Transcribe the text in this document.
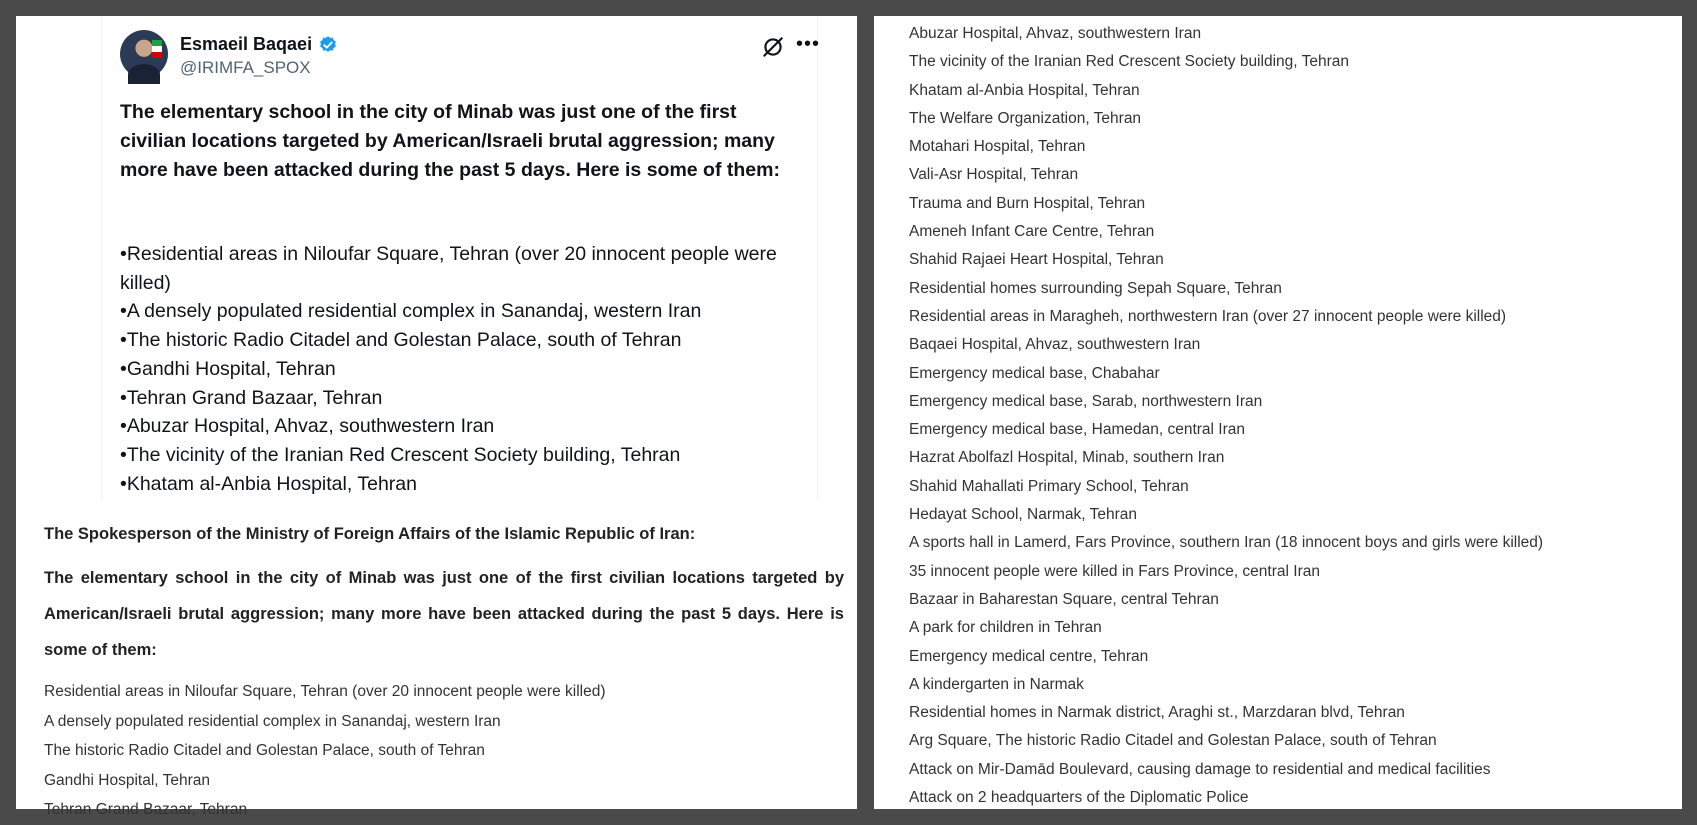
Esmaeil Baqaei
@IRIMFA_SPOX
•••
The elementary school in the city of Minab was just one of the first civilian locations targeted by American/Israeli brutal aggression; many more have been attacked during the past 5 days. Here is some of them:
• Residential areas in Niloufar Square, Tehran (over 20 innocent people were killed)
• A densely populated residential complex in Sanandaj, western Iran
• The historic Radio Citadel and Golestan Palace, south of Tehran
• Gandhi Hospital, Tehran
• Tehran Grand Bazaar, Tehran
• Abuzar Hospital, Ahvaz, southwestern Iran
• The vicinity of the Iranian Red Crescent Society building, Tehran
• Khatam al-Anbia Hospital, Tehran
The Spokesperson of the Ministry of Foreign Affairs of the Islamic Republic of Iran:
The elementary school in the city of Minab was just one of the first civilian locations targeted by American/Israeli brutal aggression; many more have been attacked during the past 5 days. Here is some of them:
Residential areas in Niloufar Square, Tehran (over 20 innocent people were killed)
A densely populated residential complex in Sanandaj, western Iran
The historic Radio Citadel and Golestan Palace, south of Tehran
Gandhi Hospital, Tehran
Tehran Grand Bazaar, Tehran
Abuzar Hospital, Ahvaz, southwestern Iran
The vicinity of the Iranian Red Crescent Society building, Tehran
Khatam al-Anbia Hospital, Tehran
The Welfare Organization, Tehran
Motahari Hospital, Tehran
Vali-Asr Hospital, Tehran
Trauma and Burn Hospital, Tehran
Ameneh Infant Care Centre, Tehran
Shahid Rajaei Heart Hospital, Tehran
Residential homes surrounding Sepah Square, Tehran
Residential areas in Maragheh, northwestern Iran (over 27 innocent people were killed)
Baqaei Hospital, Ahvaz, southwestern Iran
Emergency medical base, Chabahar
Emergency medical base, Sarab, northwestern Iran
Emergency medical base, Hamedan, central Iran
Hazrat Abolfazl Hospital, Minab, southern Iran
Shahid Mahallati Primary School, Tehran
Hedayat School, Narmak, Tehran
A sports hall in Lamerd, Fars Province, southern Iran (18 innocent boys and girls were killed)
35 innocent people were killed in Fars Province, central Iran
Bazaar in Baharestan Square, central Tehran
A park for children in Tehran
Emergency medical centre, Tehran
A kindergarten in Narmak
Residential homes in Narmak district, Araghi st., Marzdaran blvd, Tehran
Arg Square, The historic Radio Citadel and Golestan Palace, south of Tehran
Attack on Mir-Damād Boulevard, causing damage to residential and medical facilities
Attack on 2 headquarters of the Diplomatic Police
